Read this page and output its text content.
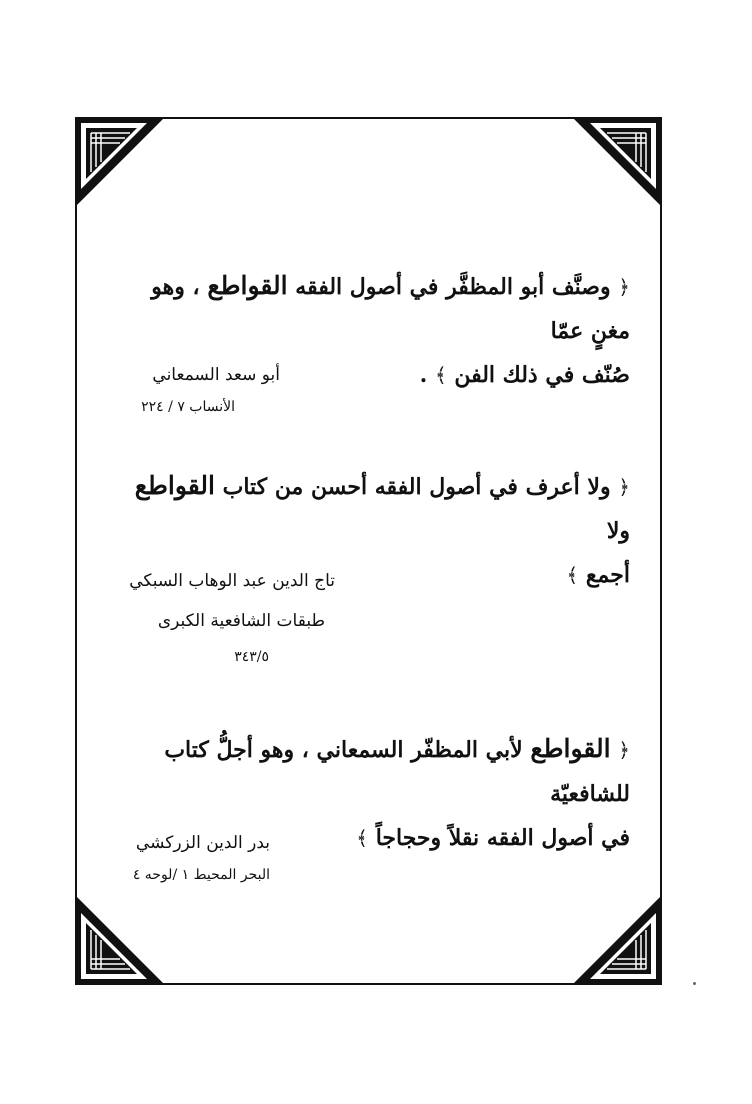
﴿ وصنَّف أبو المظفَّر في أصول الفقه القواطع ، وهو مغنٍ عمّا
صُنّف في ذلك الفن ﴾ .
أبو سعد السمعاني
الأنساب ٧ / ٢٢٤
﴿ ولا أعرف في أصول الفقه أحسن من كتاب القواطع ولا
أجمع ﴾
تاج الدين عبد الوهاب السبكي
طبقات الشافعية الكبرى
٣٤٣/٥
﴿ القواطع لأبي المظفّر السمعاني ، وهو أجلُّ كتاب للشافعيّة
في أصول الفقه نقلاً وحجاجاً ﴾
بدر الدين الزركشي
البحر المحيط ١ /لوحه ٤
